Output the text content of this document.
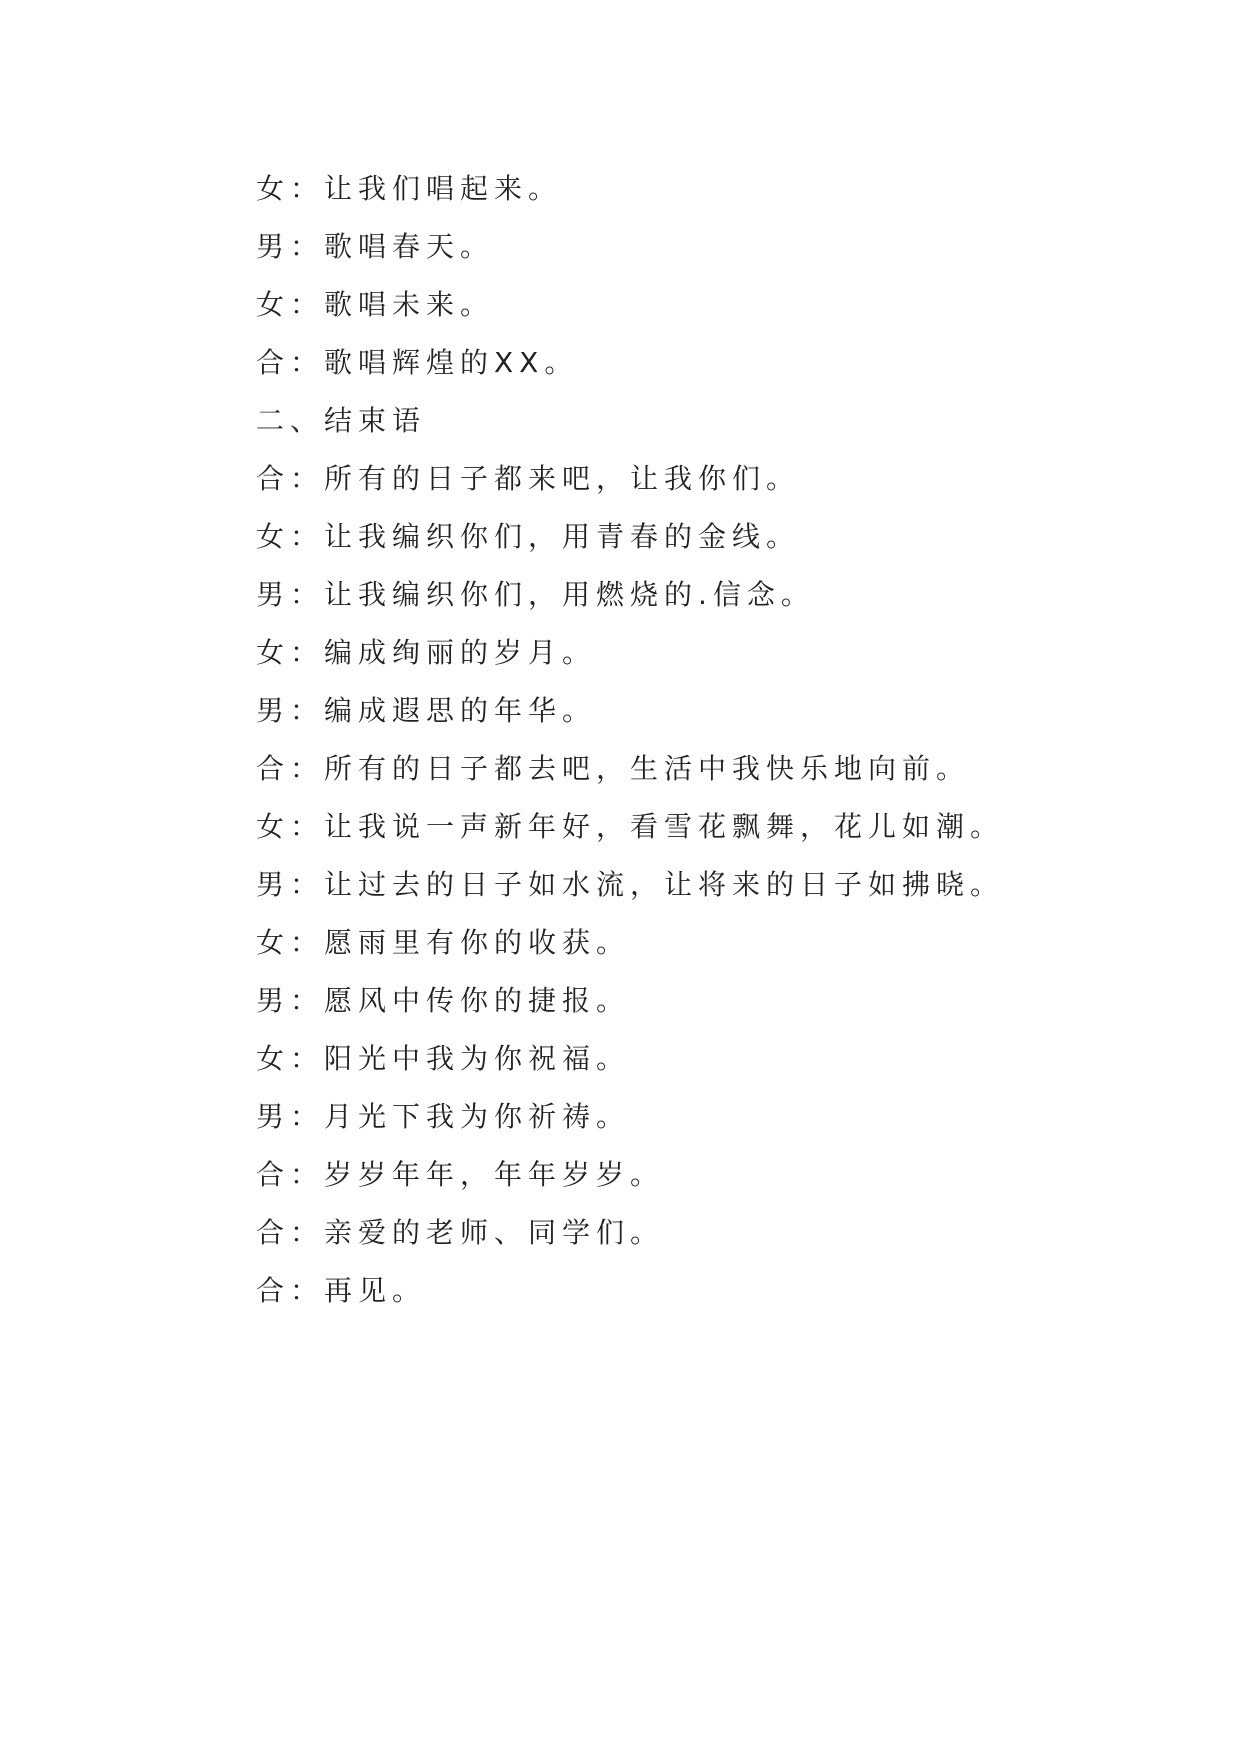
女：让我们唱起来。
男：歌唱春天。
女：歌唱未来。
合：歌唱辉煌的XX。
二、结束语
合：所有的日子都来吧，让我你们。
女：让我编织你们，用青春的金线。
男：让我编织你们，用燃烧的.信念。
女：编成绚丽的岁月。
男：编成遐思的年华。
合：所有的日子都去吧，生活中我快乐地向前。
女：让我说一声新年好，看雪花飘舞，花儿如潮。
男：让过去的日子如水流，让将来的日子如拂晓。
女：愿雨里有你的收获。
男：愿风中传你的捷报。
女：阳光中我为你祝福。
男：月光下我为你祈祷。
合：岁岁年年，年年岁岁。
合：亲爱的老师、同学们。
合：再见。
